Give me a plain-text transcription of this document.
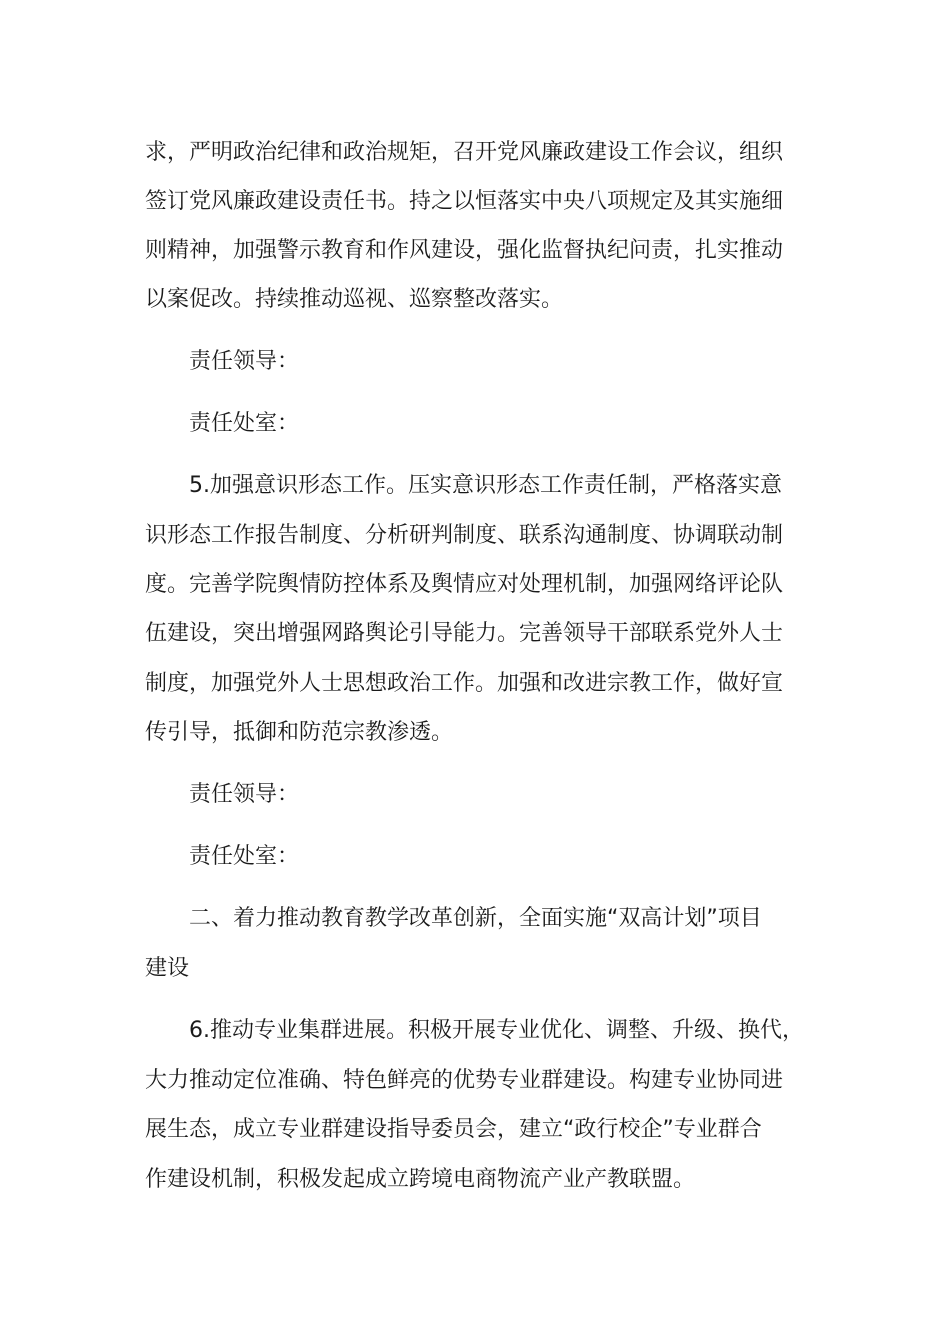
求，严明政治纪律和政治规矩，召开党风廉政建设工作会议，组织
签订党风廉政建设责任书。持之以恒落实中央八项规定及其实施细
则精神，加强警示教育和作风建设，强化监督执纪问责，扎实推动
以案促改。持续推动巡视、巡察整改落实。
责任领导：
责任处室：
5.加强意识形态工作。压实意识形态工作责任制，严格落实意
识形态工作报告制度、分析研判制度、联系沟通制度、协调联动制
度。完善学院舆情防控体系及舆情应对处理机制，加强网络评论队
伍建设，突出增强网路舆论引导能力。完善领导干部联系党外人士
制度，加强党外人士思想政治工作。加强和改进宗教工作，做好宣
传引导，抵御和防范宗教渗透。
责任领导：
责任处室：
二、着力推动教育教学改革创新，全面实施“双高计划”项目
建设
6.推动专业集群进展。积极开展专业优化、调整、升级、换代，
大力推动定位准确、特色鲜亮的优势专业群建设。构建专业协同进
展生态，成立专业群建设指导委员会，建立“政行校企”专业群合
作建设机制，积极发起成立跨境电商物流产业产教联盟。
